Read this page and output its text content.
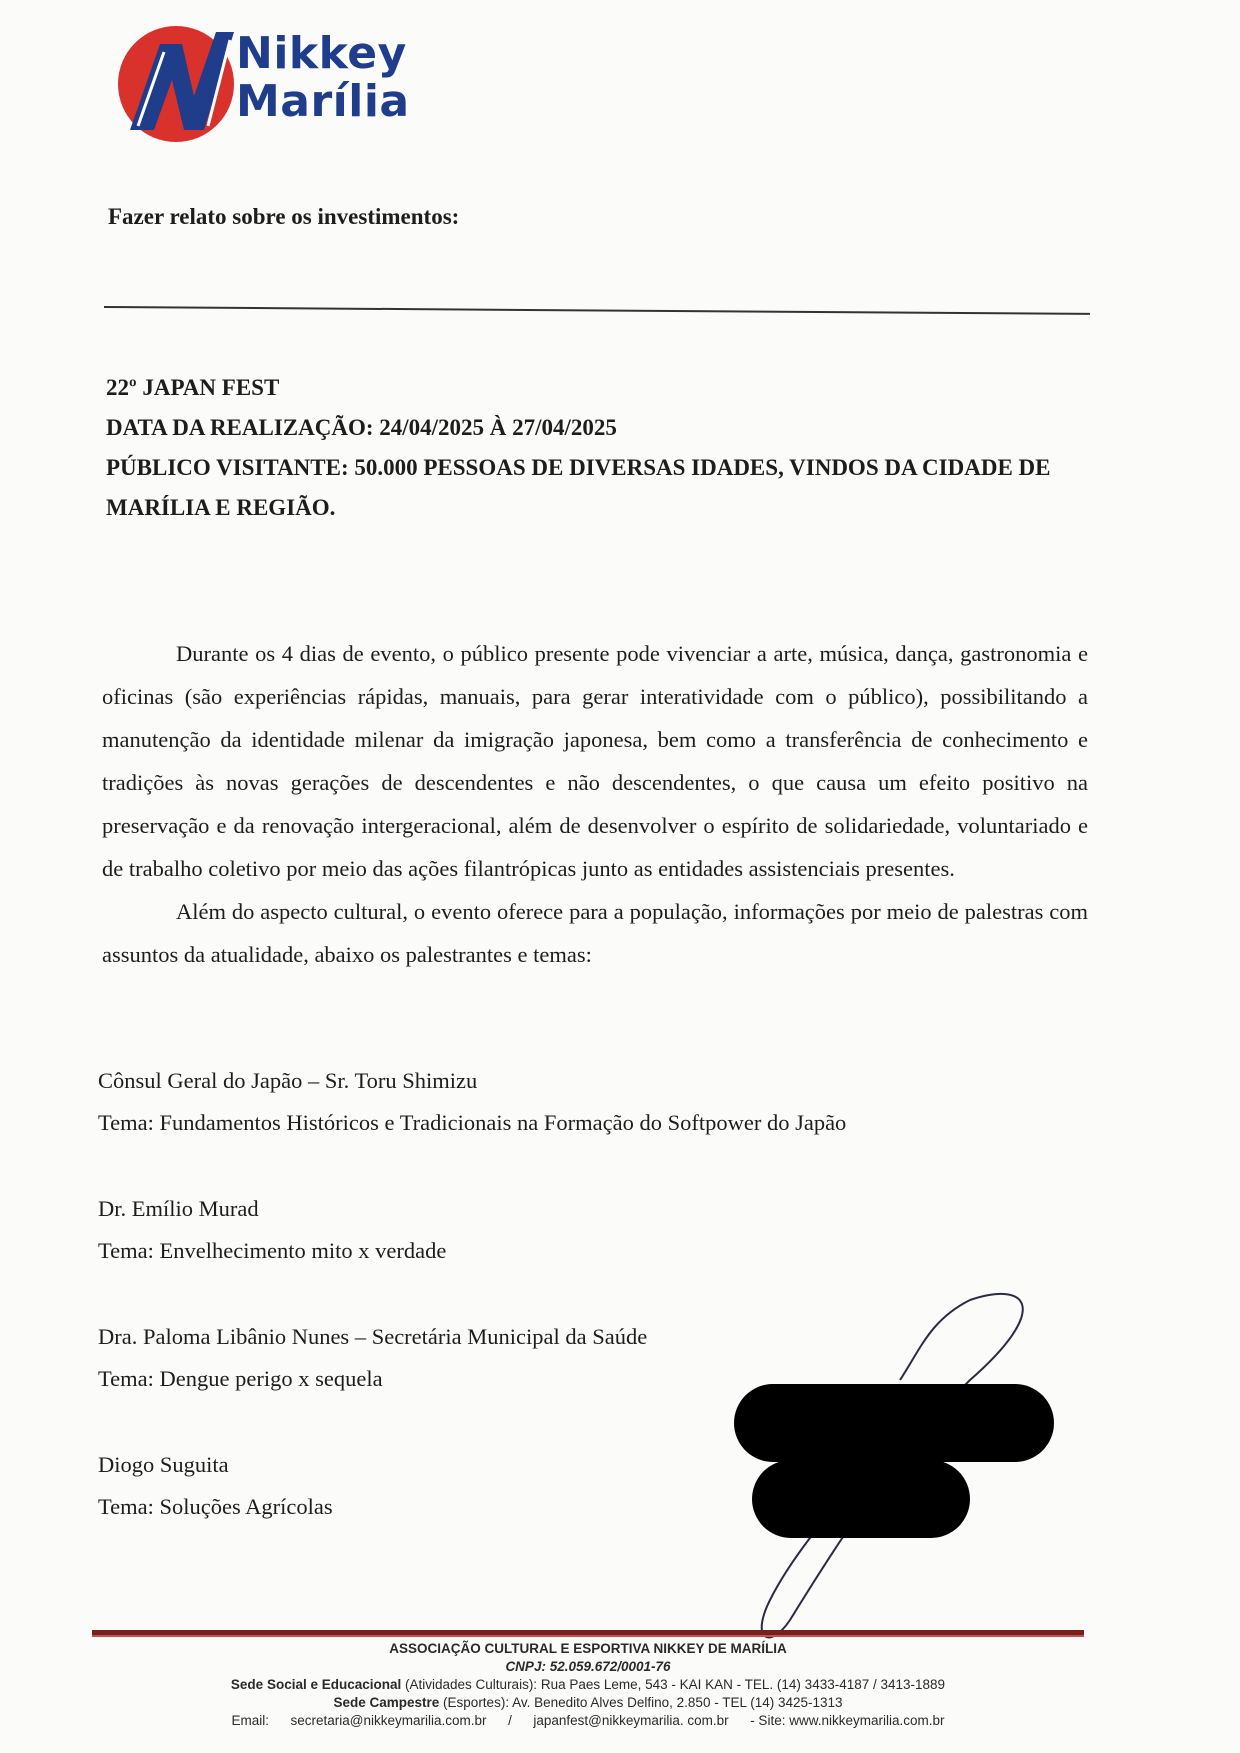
Nikkey
Marília
Fazer relato sobre os investimentos:
22º JAPAN FEST
DATA DA REALIZAÇÃO: 24/04/2025 À 27/04/2025
PÚBLICO VISITANTE: 50.000 PESSOAS DE DIVERSAS IDADES, VINDOS DA CIDADE DE MARÍLIA E REGIÃO.

Durante os 4 dias de evento, o público presente pode vivenciar a arte, música, dança, gastronomia e oficinas (são experiências rápidas, manuais, para gerar interatividade com o público), possibilitando a manutenção da identidade milenar da imigração japonesa, bem como a transferência de conhecimento e tradições às novas gerações de descendentes e não descendentes, o que causa um efeito positivo na preservação e da renovação intergeracional, além de desenvolver o espírito de solidariedade, voluntariado e de trabalho coletivo por meio das ações filantrópicas junto as entidades assistenciais presentes.

Além do aspecto cultural, o evento oferece para a população, informações por meio de palestras com assuntos da atualidade, abaixo os palestrantes e temas:

Cônsul Geral do Japão – Sr. Toru Shimizu
Tema: Fundamentos Históricos e Tradicionais na Formação do Softpower do Japão
Dr. Emílio Murad
Tema: Envelhecimento mito x verdade
Dra. Paloma Libânio Nunes – Secretária Municipal da Saúde
Tema: Dengue perigo x sequela
Diogo Suguita
Tema: Soluções Agrícolas
ASSOCIAÇÃO CULTURAL E ESPORTIVA NIKKEY DE MARÍLIA
CNPJ: 52.059.672/0001-76
Sede Social e Educacional (Atividades Culturais): Rua Paes Leme, 543 - KAI KAN - TEL. (14) 3433-4187 / 3413-1889
Sede Campestre (Esportes): Av. Benedito Alves Delfino, 2.850 - TEL (14) 3425-1313
Email: secretaria@nikkeymarilia.com.br / japanfest@nikkeymarilia. com.br - Site: www.nikkeymarilia.com.br
